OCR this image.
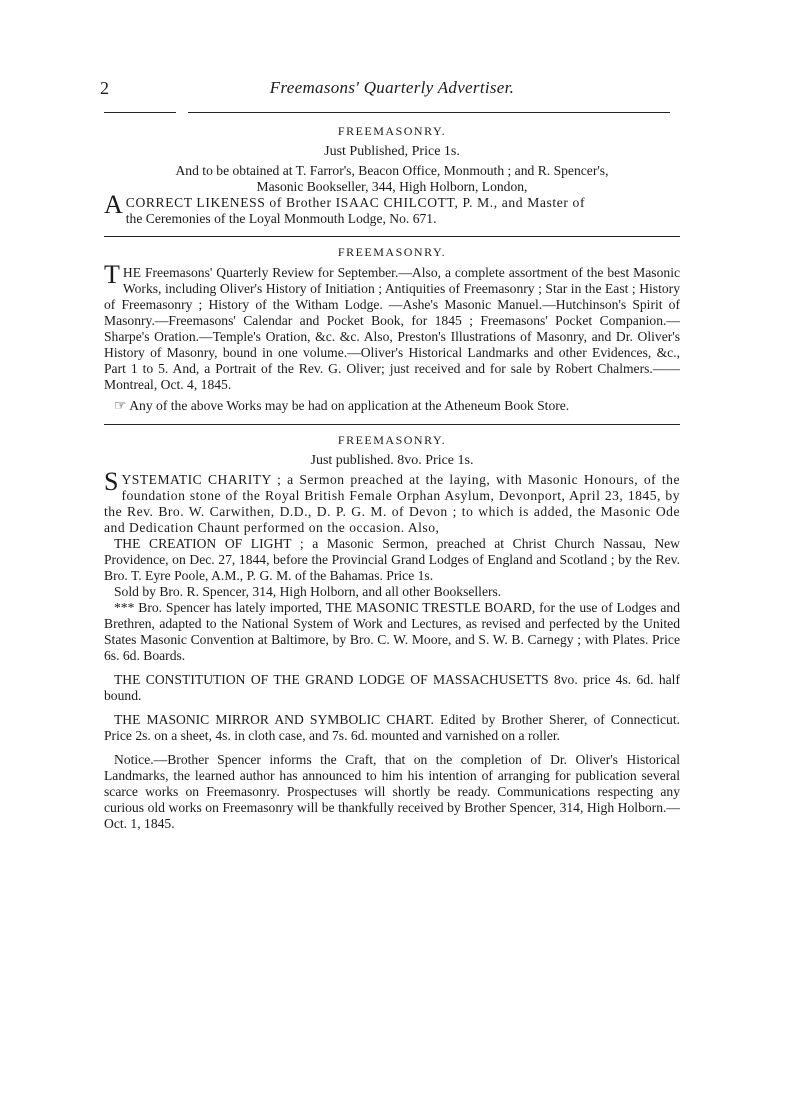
2	Freemasons' Quarterly Advertiser.
FREEMASONRY.
Just Published, Price 1s.

And to be obtained at T. Farror's, Beacon Office, Monmouth ; and R. Spencer's,

Masonic Bookseller, 344, High Holborn, London,

ACORRECT LIKENESS of Brother ISAAC CHILCOTT, P. M., and Master of
the Ceremonies of the Loyal Monmouth Lodge, No. 671.

FREEMASONRY.

THE Freemasons' Quarterly Review for September.—Also, a complete assortment of the best Masonic Works, including Oliver's History of Initiation ; Antiquities of Freemasonry ; Star in the East ; History of Freemasonry ; History of the Witham Lodge. —Ashe's Masonic Manuel.—Hutchinson's Spirit of Masonry.—Freemasons' Calendar and Pocket Book, for 1845 ; Freemasons' Pocket Companion.—Sharpe's Oration.—Temple's Oration, &c. &c. Also, Preston's Illustrations of Masonry, and Dr. Oliver's History of Masonry, bound in one volume.—Oliver's Historical Landmarks and other Evidences, &c., Part 1 to 5. And, a Portrait of the Rev. G. Oliver; just received and for sale by Robert Chalmers.——Montreal, Oct. 4, 1845.

☞ Any of the above Works may be had on application at the Atheneum Book Store.

FREEMASONRY.
Just published. 8vo. Price 1s.

SYSTEMATIC CHARITY ; a Sermon preached at the laying, with Masonic Honours, of the foundation stone of the Royal British Female Orphan Asylum, Devonport, April 23, 1845, by the Rev. Bro. W. Carwithen, D.D., D. P. G. M. of Devon ; to which is added, the Masonic Ode and Dedication Chaunt performed on the occasion. Also,

THE CREATION OF LIGHT ; a Masonic Sermon, preached at Christ Church Nassau, New Providence, on Dec. 27, 1844, before the Provincial Grand Lodges of England and Scotland ; by the Rev. Bro. T. Eyre Poole, A.M., P. G. M. of the Bahamas. Price 1s.

Sold by Bro. R. Spencer, 314, High Holborn, and all other Booksellers.

*** Bro. Spencer has lately imported, THE MASONIC TRESTLE BOARD, for the use of Lodges and Brethren, adapted to the National System of Work and Lectures, as revised and perfected by the United States Masonic Convention at Baltimore, by Bro. C. W. Moore, and S. W. B. Carnegy ; with Plates. Price 6s. 6d. Boards.

THE CONSTITUTION OF THE GRAND LODGE OF MASSACHUSETTS 8vo. price 4s. 6d. half bound.

THE MASONIC MIRROR AND SYMBOLIC CHART. Edited by Brother Sherer, of Connecticut. Price 2s. on a sheet, 4s. in cloth case, and 7s. 6d. mounted and varnished on a roller.

Notice.—Brother Spencer informs the Craft, that on the completion of Dr. Oliver's Historical Landmarks, the learned author has announced to him his intention of arranging for publication several scarce works on Freemasonry. Prospectuses will shortly be ready. Communications respecting any curious old works on Freemasonry will be thankfully received by Brother Spencer, 314, High Holborn.—Oct. 1, 1845.
